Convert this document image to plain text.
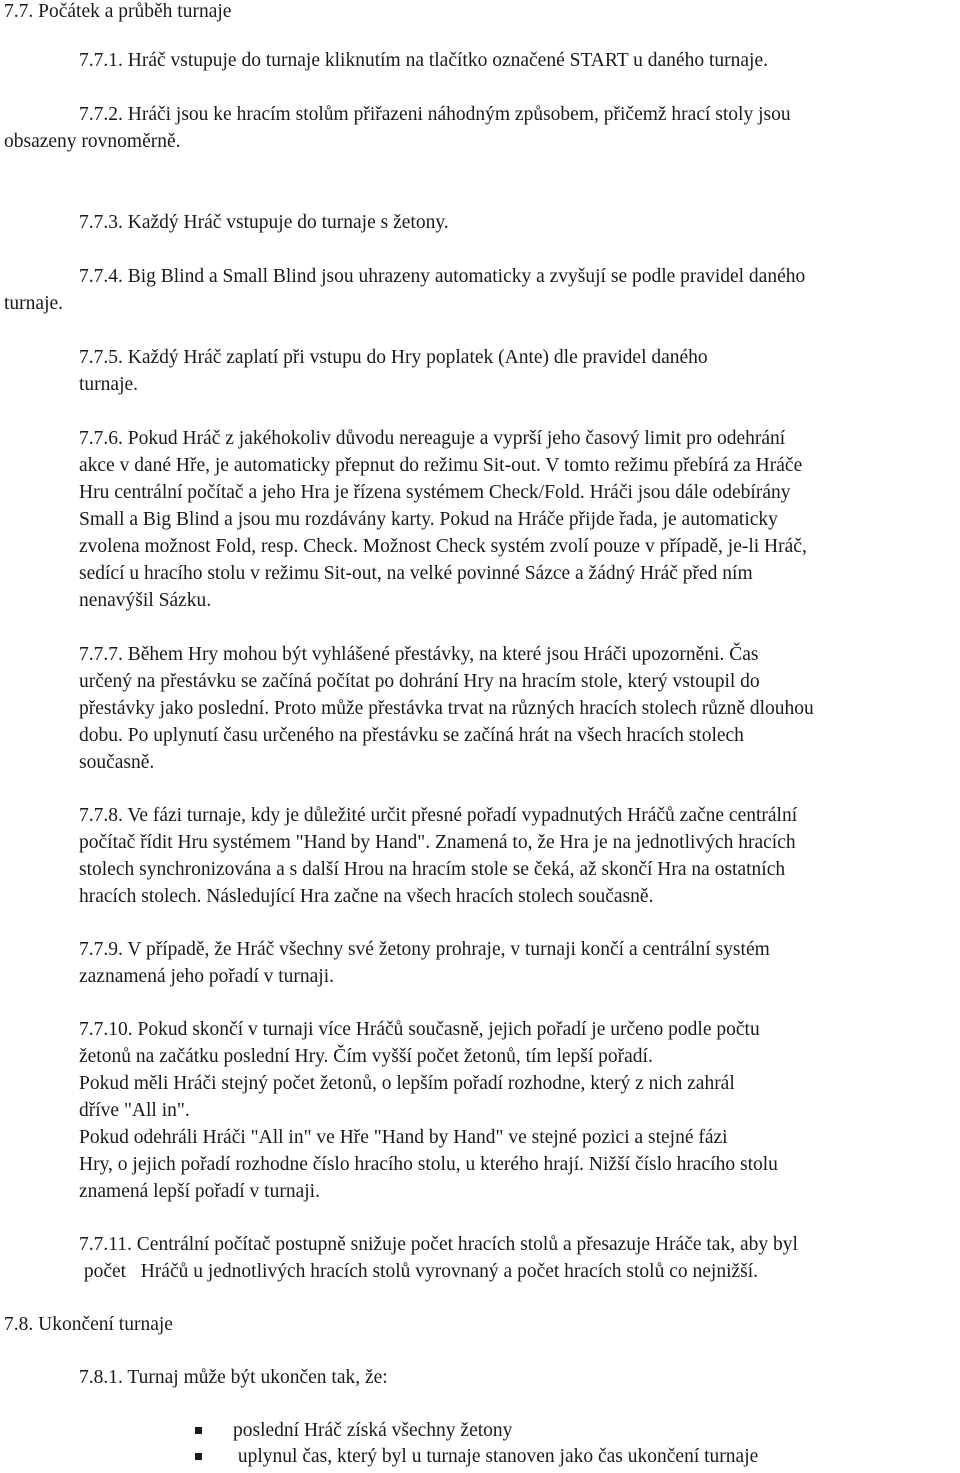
7.7. Počátek a průběh turnaje
7.7.1. Hráč vstupuje do turnaje kliknutím na tlačítko označené START u daného turnaje.
7.7.2. Hráči jsou ke hracím stolům přiřazeni náhodným způsobem, přičemž hrací stoly jsou
obsazeny rovnoměrně.
7.7.3. Každý Hráč vstupuje do turnaje s žetony.
7.7.4. Big Blind a Small Blind jsou uhrazeny automaticky a zvyšují se podle pravidel daného
turnaje.
7.7.5. Každý Hráč zaplatí při vstupu do Hry poplatek (Ante) dle pravidel daného
turnaje.
7.7.6. Pokud Hráč z jakéhokoliv důvodu nereaguje a vyprší jeho časový limit pro odehrání
akce v dané Hře, je automaticky přepnut do režimu Sit-out. V tomto režimu přebírá za Hráče
Hru centrální počítač a jeho Hra je řízena systémem Check/Fold. Hráči jsou dále odebírány
Small a Big Blind a jsou mu rozdávány karty. Pokud na Hráče přijde řada, je automaticky
zvolena možnost Fold, resp. Check. Možnost Check systém zvolí pouze v případě, je-li Hráč,
sedící u hracího stolu v režimu Sit-out, na velké povinné Sázce a žádný Hráč před ním
nenavýšil Sázku.
7.7.7. Během Hry mohou být vyhlášené přestávky, na které jsou Hráči upozorněni. Čas
určený na přestávku se začíná počítat po dohrání Hry na hracím stole, který vstoupil do
přestávky jako poslední. Proto může přestávka trvat na různých hracích stolech různě dlouhou
dobu. Po uplynutí času určeného na přestávku se začíná hrát na všech hracích stolech
současně.
7.7.8. Ve fázi turnaje, kdy je důležité určit přesné pořadí vypadnutých Hráčů začne centrální
počítač řídit Hru systémem "Hand by Hand". Znamená to, že Hra je na jednotlivých hracích
stolech synchronizována a s další Hrou na hracím stole se čeká, až skončí Hra na ostatních
hracích stolech. Následující Hra začne na všech hracích stolech současně.
7.7.9. V případě, že Hráč všechny své žetony prohraje, v turnaji končí a centrální systém
zaznamená jeho pořadí v turnaji.
7.7.10. Pokud skončí v turnaji více Hráčů současně, jejich pořadí je určeno podle počtu
žetonů na začátku poslední Hry. Čím vyšší počet žetonů, tím lepší pořadí.
Pokud měli Hráči stejný počet žetonů, o lepším pořadí rozhodne, který z nich zahrál
dříve "All in".
Pokud odehráli Hráči "All in" ve Hře "Hand by Hand" ve stejné pozici a stejné fázi
Hry, o jejich pořadí rozhodne číslo hracího stolu, u kterého hrají. Nižší číslo hracího stolu
znamená lepší pořadí v turnaji.
7.7.11. Centrální počítač postupně snižuje počet hracích stolů a přesazuje Hráče tak, aby byl
počet   Hráčů u jednotlivých hracích stolů vyrovnaný a počet hracích stolů co nejnižší.
7.8. Ukončení turnaje
7.8.1. Turnaj může být ukončen tak, že:
poslední Hráč získá všechny žetony
uplynul čas, který byl u turnaje stanoven jako čas ukončení turnaje
